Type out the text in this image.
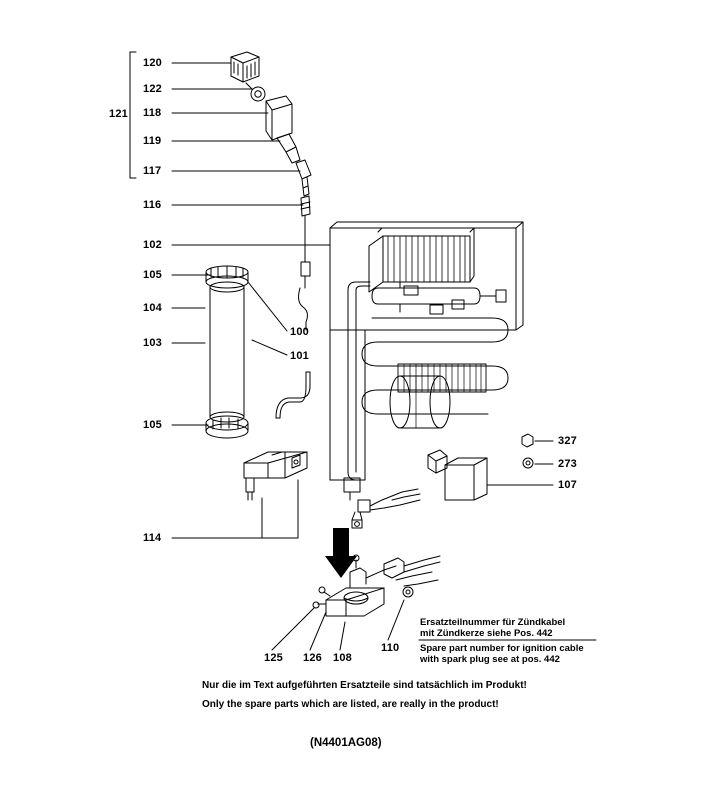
120
122
118
119
117
121
116
102
105
104
103
100
101
105
114
327
273
107
125 126 108
110
Ersatzteilnummer für Zündkabel
mit Zündkerze siehe Pos. 442
Spare part number for ignition cable
with spark plug see at pos. 442
Nur die im Text aufgeführten Ersatzteile sind tatsächlich im Produkt!
Only the spare parts which are listed, are really in the product!
(N4401AG08)
